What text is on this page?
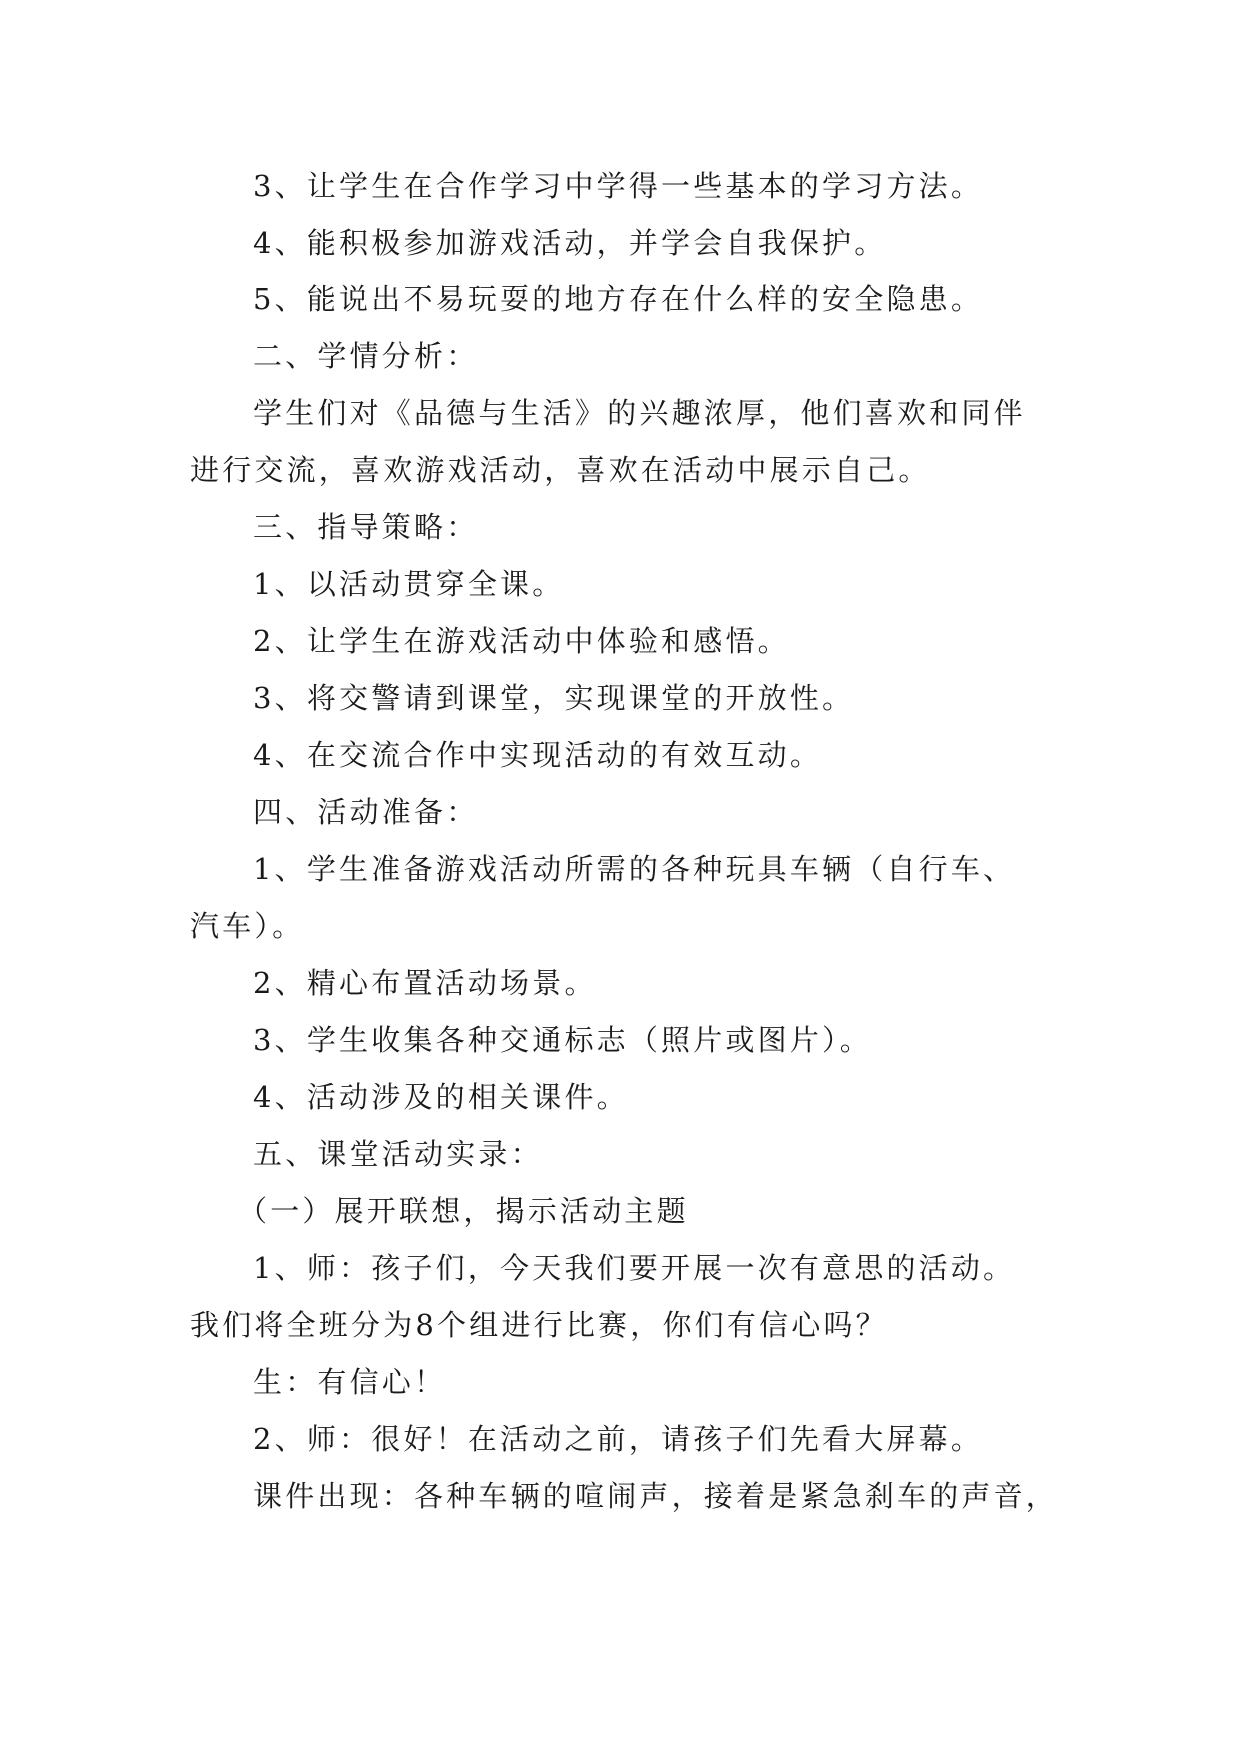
3、让学生在合作学习中学得一些基本的学习方法。

4、能积极参加游戏活动，并学会自我保护。

5、能说出不易玩耍的地方存在什么样的安全隐患。

二、学情分析：

学生们对《品德与生活》的兴趣浓厚，他们喜欢和同伴

进行交流，喜欢游戏活动，喜欢在活动中展示自己。

三、指导策略：

1、以活动贯穿全课。

2、让学生在游戏活动中体验和感悟。

3、将交警请到课堂，实现课堂的开放性。

4、在交流合作中实现活动的有效互动。

四、活动准备：

1、学生准备游戏活动所需的各种玩具车辆（自行车、

汽车）。

2、精心布置活动场景。

3、学生收集各种交通标志（照片或图片）。

4、活动涉及的相关课件。

五、课堂活动实录：

（一）展开联想，揭示活动主题

1、师：孩子们，今天我们要开展一次有意思的活动。

我们将全班分为8个组进行比赛，你们有信心吗？

生：有信心！

2、师：很好！在活动之前，请孩子们先看大屏幕。

课件出现：各种车辆的喧闹声，接着是紧急刹车的声音，
